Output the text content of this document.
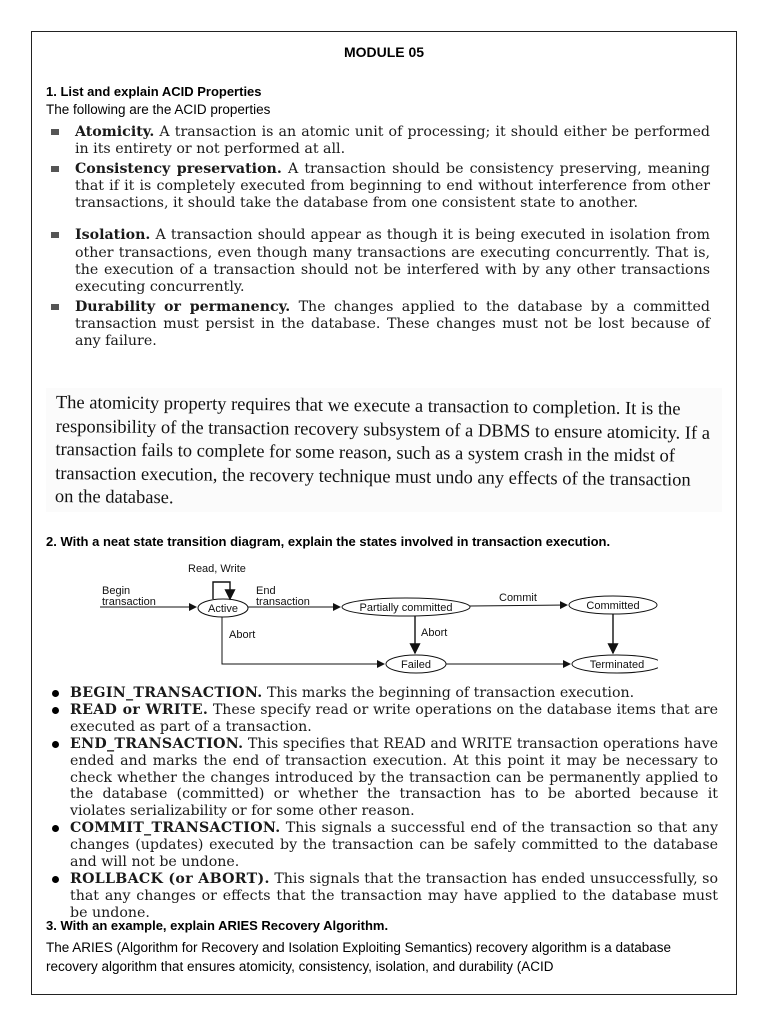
MODULE 05
1. List and explain ACID Properties
The following are the ACID properties
Atomicity. A transaction is an atomic unit of processing; it should either be performed in its entirety or not performed at all.
Consistency preservation. A transaction should be consistency preserving, meaning that if it is completely executed from beginning to end without interference from other transactions, it should take the database from one consistent state to another.
Isolation. A transaction should appear as though it is being executed in isolation from other transactions, even though many transactions are executing concurrently. That is, the execution of a transaction should not be interfered with by any other transactions executing concurrently.
Durability or permanency. The changes applied to the database by a committed transaction must persist in the database. These changes must not be lost because of any failure.
The atomicity property requires that we execute a transaction to completion. It is the responsibility of the transaction recovery subsystem of a DBMS to ensure atomicity. If a transaction fails to complete for some reason, such as a system crash in the midst of transaction execution, the recovery technique must undo any effects of the transaction on the database.
2. With a neat state transition diagram, explain the states involved in transaction execution.
Active	Partially committed	Committed
Failed	Terminated
Read, Write
Begin
transaction
End
transaction	Commit
Abort
Abort
BEGIN_TRANSACTION. This marks the beginning of transaction execution.
READ or WRITE. These specify read or write operations on the database items that are executed as part of a transaction.
END_TRANSACTION. This specifies that READ and WRITE transaction operations have ended and marks the end of transaction execution. At this point it may be necessary to check whether the changes introduced by the transaction can be permanently applied to the database (committed) or whether the transaction has to be aborted because it violates serializability or for some other reason.
COMMIT_TRANSACTION. This signals a successful end of the transaction so that any changes (updates) executed by the transaction can be safely committed to the database and will not be undone.
ROLLBACK (or ABORT). This signals that the transaction has ended unsuccessfully, so that any changes or effects that the transaction may have applied to the database must be undone.
3. With an example, explain ARIES Recovery Algorithm.
The ARIES (Algorithm for Recovery and Isolation Exploiting Semantics) recovery algorithm is a database recovery algorithm that ensures atomicity, consistency, isolation, and durability (ACID
